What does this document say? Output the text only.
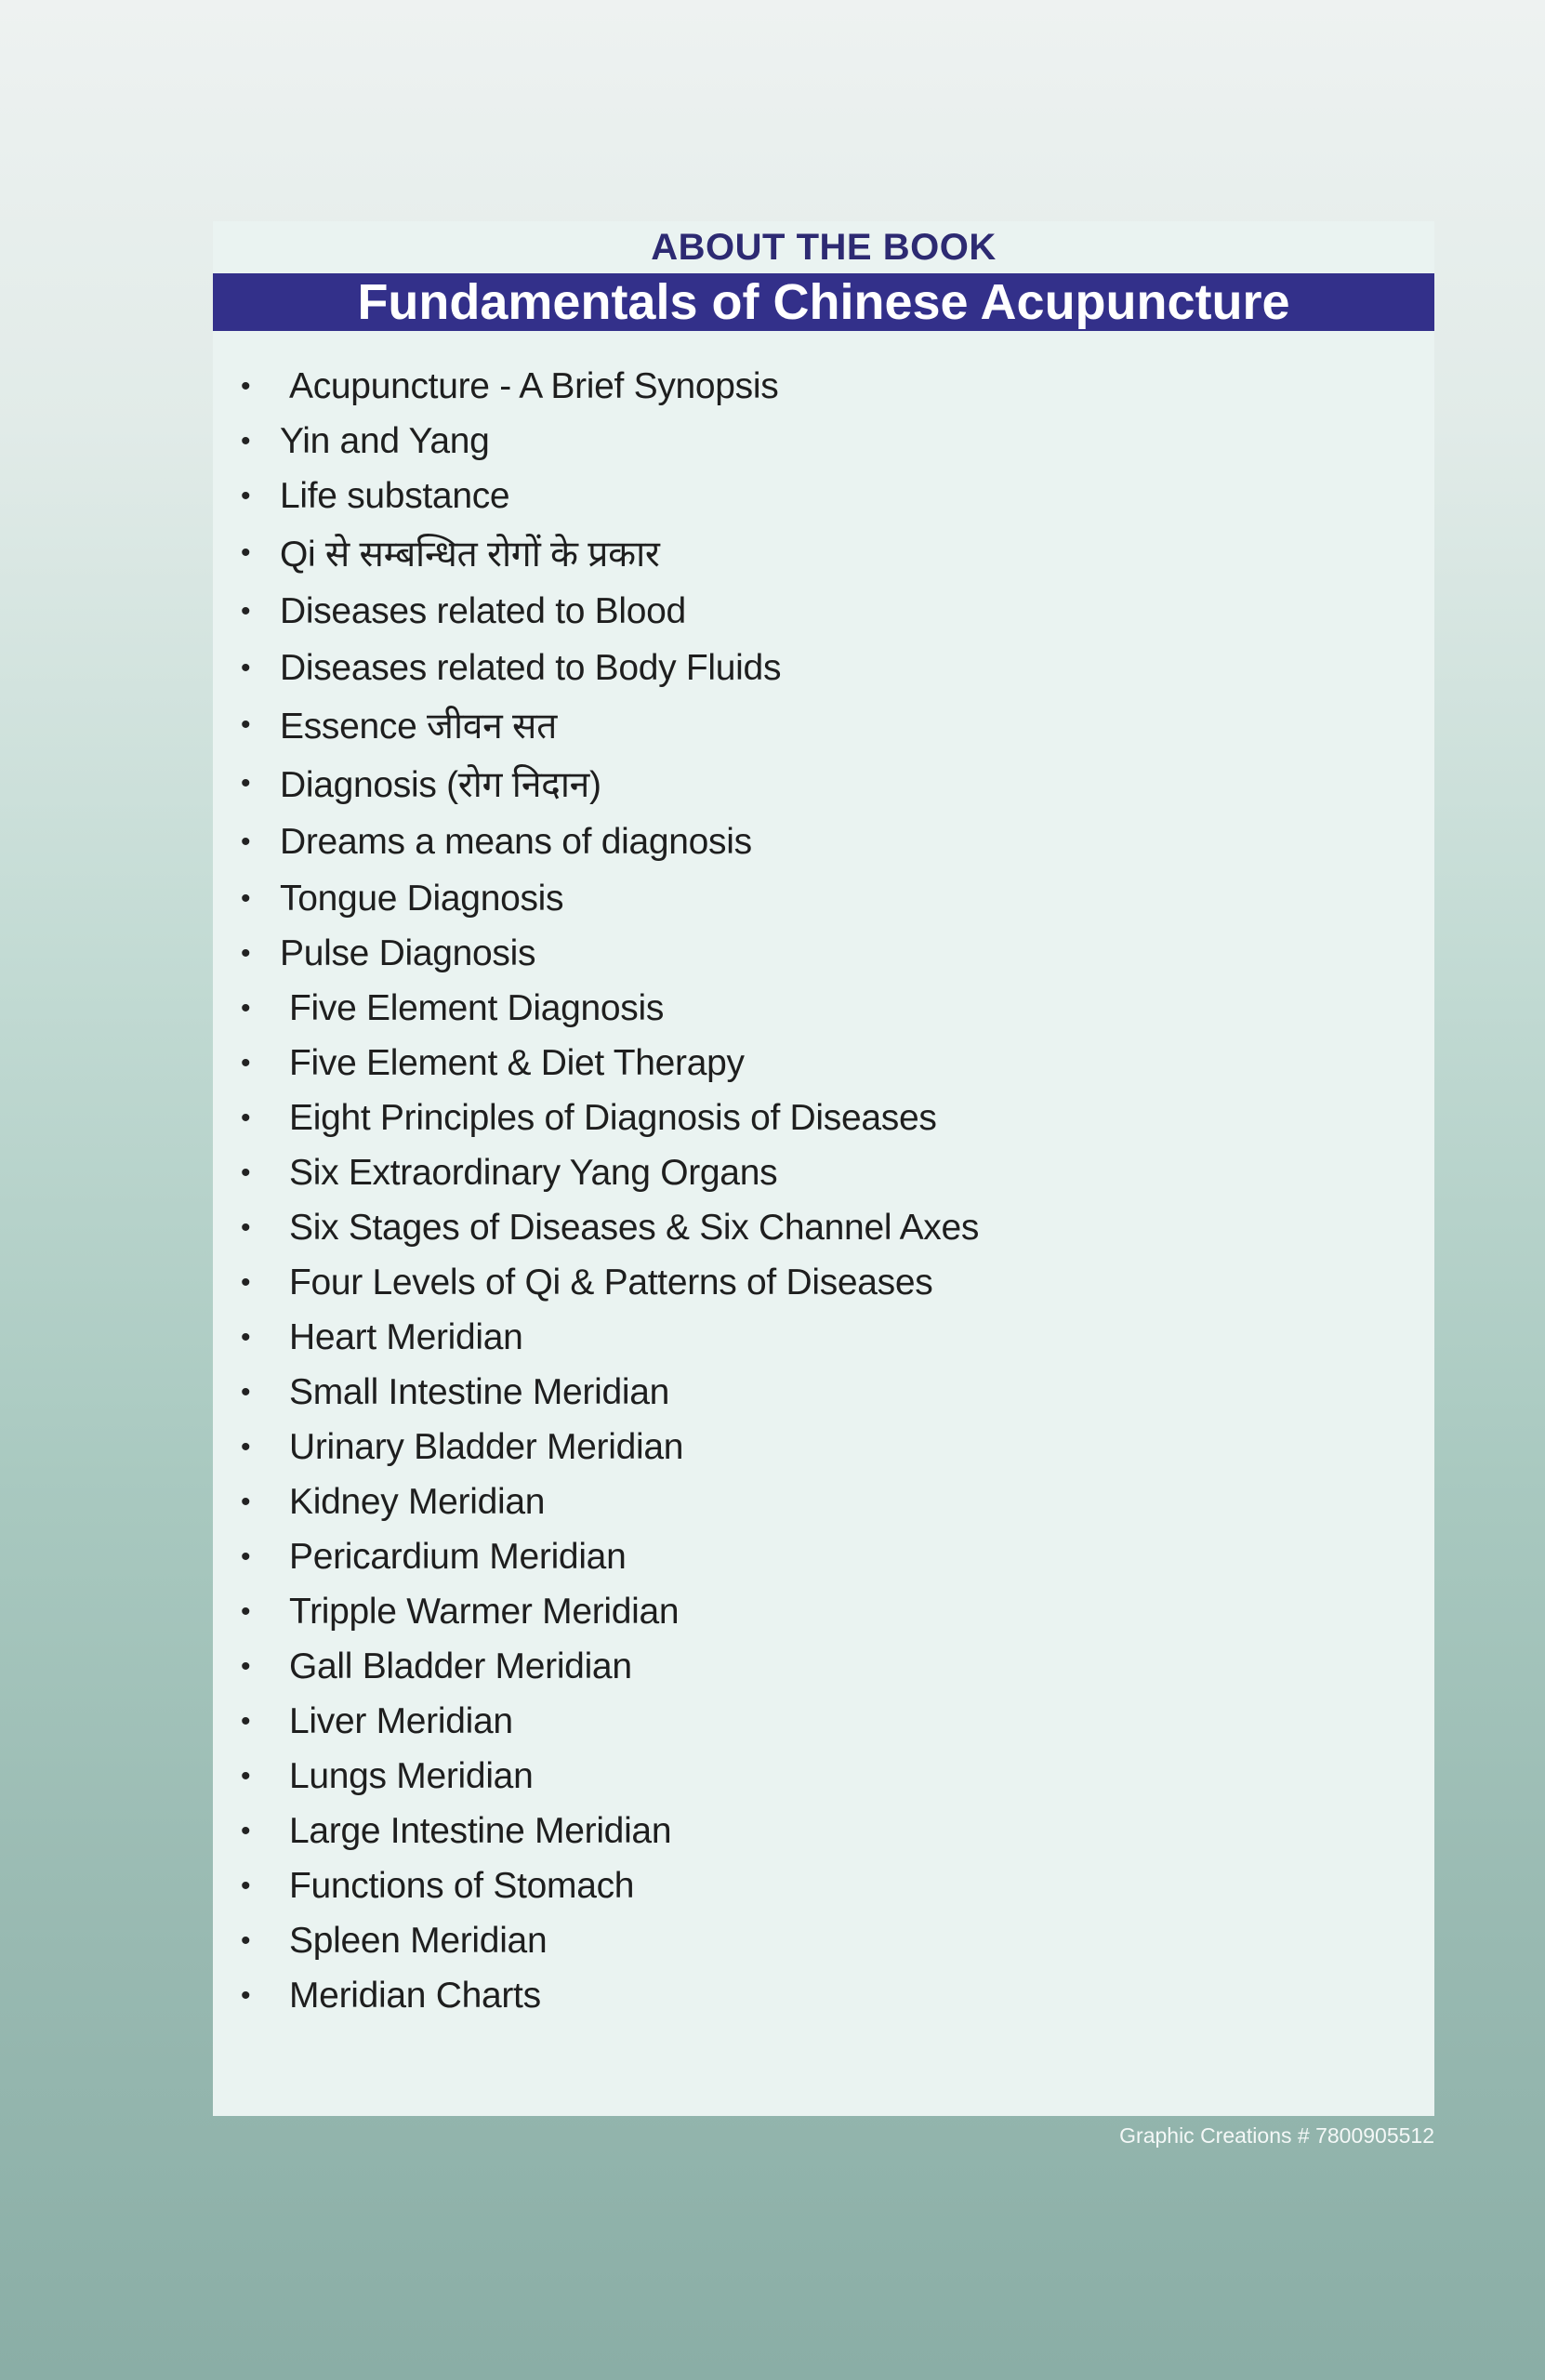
ABOUT THE BOOK
Fundamentals of Chinese Acupuncture
• Acupuncture - A Brief Synopsis
• Yin and Yang
• Life substance
• Qi से सम्बन्धित रोगों के प्रकार
• Diseases related to Blood
• Diseases related to Body Fluids
• Essence जीवन सत
• Diagnosis (रोग निदान)
• Dreams a means of diagnosis
• Tongue Diagnosis
• Pulse Diagnosis
• Five Element Diagnosis
• Five Element & Diet Therapy
• Eight Principles of Diagnosis of Diseases
• Six Extraordinary Yang Organs
• Six Stages of Diseases & Six Channel Axes
• Four Levels of Qi & Patterns of Diseases
• Heart Meridian
• Small Intestine Meridian
• Urinary Bladder Meridian
• Kidney Meridian
• Pericardium Meridian
• Tripple Warmer Meridian
• Gall Bladder Meridian
• Liver Meridian
• Lungs Meridian
• Large Intestine Meridian
• Functions of Stomach
• Spleen Meridian
• Meridian Charts
Graphic Creations # 7800905512
